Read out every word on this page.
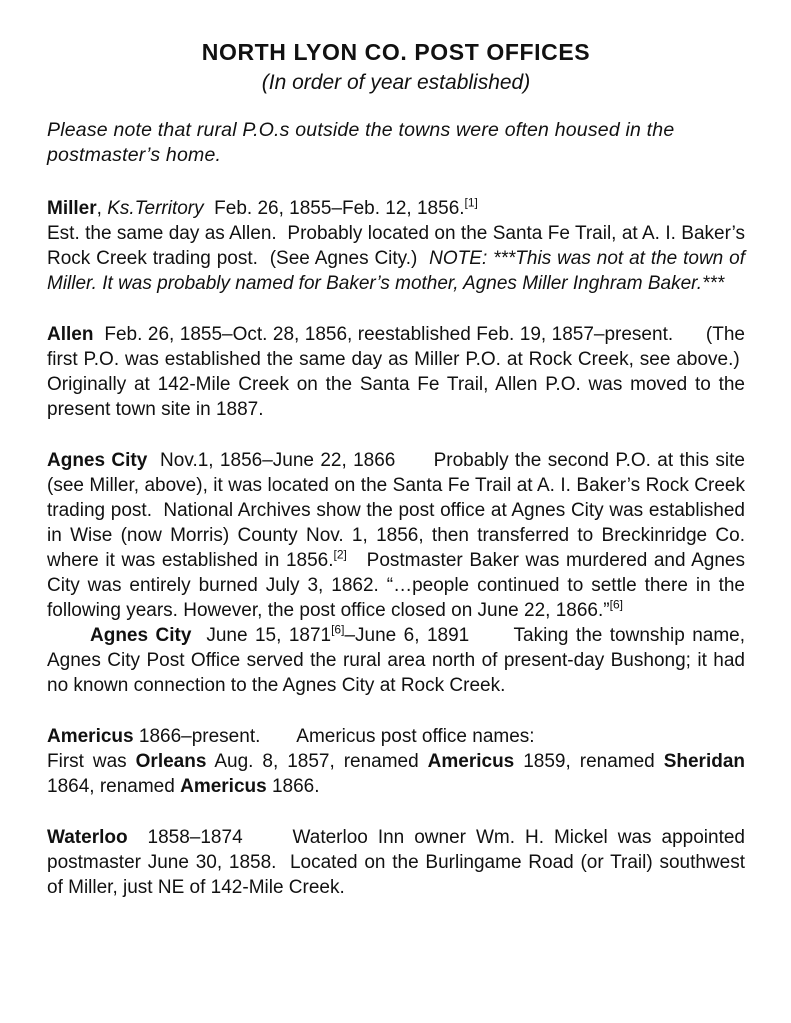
NORTH LYON CO. POST OFFICES
(In order of year established)

Please note that rural P.O.s outside the towns were often housed in the postmaster’s home.

Miller, Ks.Territory  Feb. 26, 1855–Feb. 12, 1856.[1]
Est. the same day as Allen.  Probably located on the Santa Fe Trail, at A. I. Baker’s Rock Creek trading post.  (See Agnes City.)  NOTE: ***This was not at the town of Miller. It was probably named for Baker’s mother, Agnes Miller Inghram Baker.***

Allen  Feb. 26, 1855–Oct. 28, 1856, reestablished Feb. 19, 1857–present.      (The first P.O. was established the same day as Miller P.O. at Rock Creek, see above.)  Originally at 142-Mile Creek on the Santa Fe Trail, Allen P.O. was moved to the present town site in 1887.

Agnes City  Nov.1, 1856–June 22, 1866      Probably the second P.O. at this site (see Miller, above), it was located on the Santa Fe Trail at A. I. Baker’s Rock Creek trading post.  National Archives show the post office at Agnes City was established in Wise (now Morris) County Nov. 1, 1856, then transferred to Breckinridge Co. where it was established in 1856.[2]   Postmaster Baker was murdered and Agnes City was entirely burned July 3, 1862. “…people continued to settle there in the following years. However, the post office closed on June 22, 1866.”[6]

Agnes City  June 15, 1871[6]–June 6, 1891      Taking the township name, Agnes City Post Office served the rural area north of present-day Bushong; it had no known connection to the Agnes City at Rock Creek.

Americus 1866–present.       Americus post office names:
First was Orleans Aug. 8, 1857, renamed Americus 1859, renamed Sheridan 1864, renamed Americus 1866.

Waterloo  1858–1874     Waterloo Inn owner Wm. H. Mickel was appointed postmaster June 30, 1858.  Located on the Burlingame Road (or Trail) southwest of Miller, just NE of 142-Mile Creek.
